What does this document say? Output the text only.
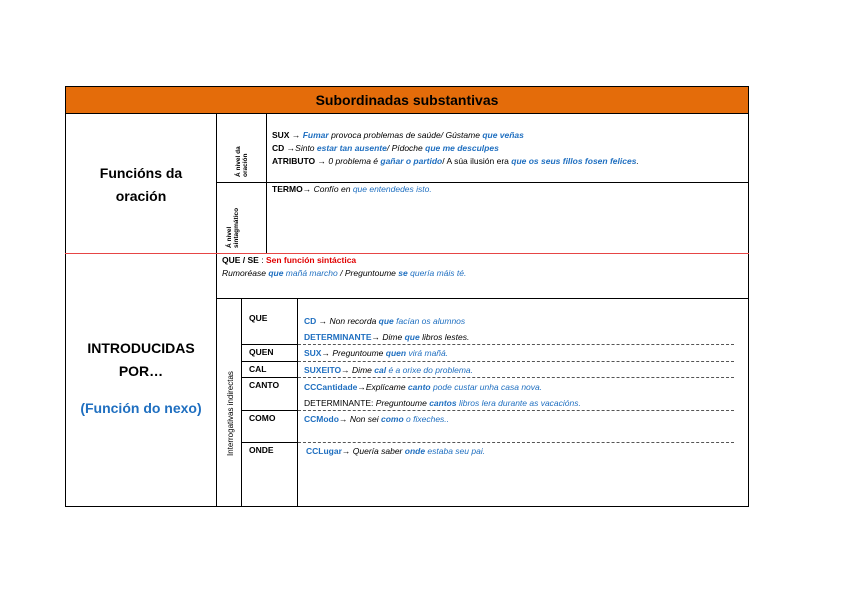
Subordinadas substantivas
Funcións da
oración
Á nivel da oración
Á nivel sintagmático
SUX → Fumar provoca problemas de saúde/ Gústame que veñas
CD →Sinto estar tan ausente/ Pídoche que me desculpes
ATRIBUTO → 0 problema é gañar o partido/ A súa ilusión era que os seus fillos fosen felices.
TERMO→ Confío en que entendedes isto.
INTRODUCIDAS
POR…
(Función do nexo)
QUE / SE : Sen función sintáctica
Rumoréase que mañá marcho / Preguntoume se quería máis té.
Interrogativas indirectas
QUE
QUEN
CAL
CANTO
COMO
ONDE
CD → Non recorda que facían os alumnos
DETERMINANTE→ Dime que libros lestes.
SUX→ Preguntoume quen virá mañá.
SUXEITO→ Dime cal é a orixe do problema.
CCCantidade→Explícame canto pode custar unha casa nova.
DETERMINANTE: Preguntoume cantos libros lera durante as vacacións.
CCModo→ Non sei como o fixeches..
CCLugar→ Quería saber onde estaba seu pai.
